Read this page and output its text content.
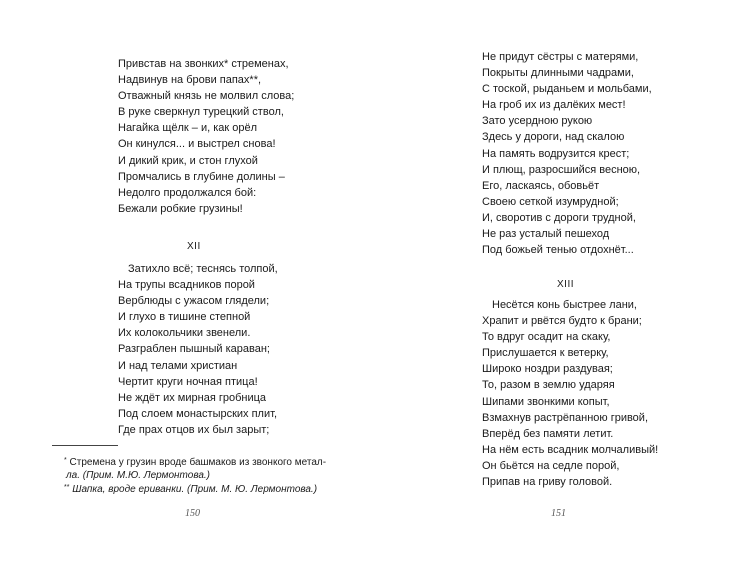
Привстав на звонких* стременах,
Надвинув на брови папах**,
Отважный князь не молвил слова;
В руке сверкнул турецкий ствол,
Нагайка щёлк – и, как орёл
Он кинулся... и выстрел снова!
И дикий крик, и стон глухой
Промчались в глубине долины –
Недолго продолжался бой:
Бежали робкие грузины!
XII
Затихло всё; теснясь толпой,
На трупы всадников порой
Верблюды с ужасом глядели;
И глухо в тишине степной
Их колокольчики звенели.
Разграблен пышный караван;
И над телами христиан
Чертит круги ночная птица!
Не ждёт их мирная гробница
Под слоем монастырских плит,
Где прах отцов их был зарыт;
* Стремена у грузин вроде башмаков из звонкого метал-
ла. (Прим. М.Ю. Лермонтова.)
** Шапка, вроде ериванки. (Прим. М. Ю. Лермонтова.)
150
Не придут сёстры с матерями,
Покрыты длинными чадрами,
С тоской, рыданьем и мольбами,
На гроб их из далёких мест!
Зато усердною рукою
Здесь у дороги, над скалою
На память водрузится крест;
И плющ, разросшийся весною,
Его, ласкаясь, обовьёт
Своею сеткой изумрудной;
И, своротив с дороги трудной,
Не раз усталый пешеход
Под божьей тенью отдохнёт...
XIII
Несётся конь быстрее лани,
Храпит и рвётся будто к брани;
То вдруг осадит на скаку,
Прислушается к ветерку,
Широко ноздри раздувая;
То, разом в землю ударяя
Шипами звонкими копыт,
Взмахнув растрёпанною гривой,
Вперёд без памяти летит.
На нём есть всадник молчаливый!
Он бьётся на седле порой,
Припав на гриву головой.
151
